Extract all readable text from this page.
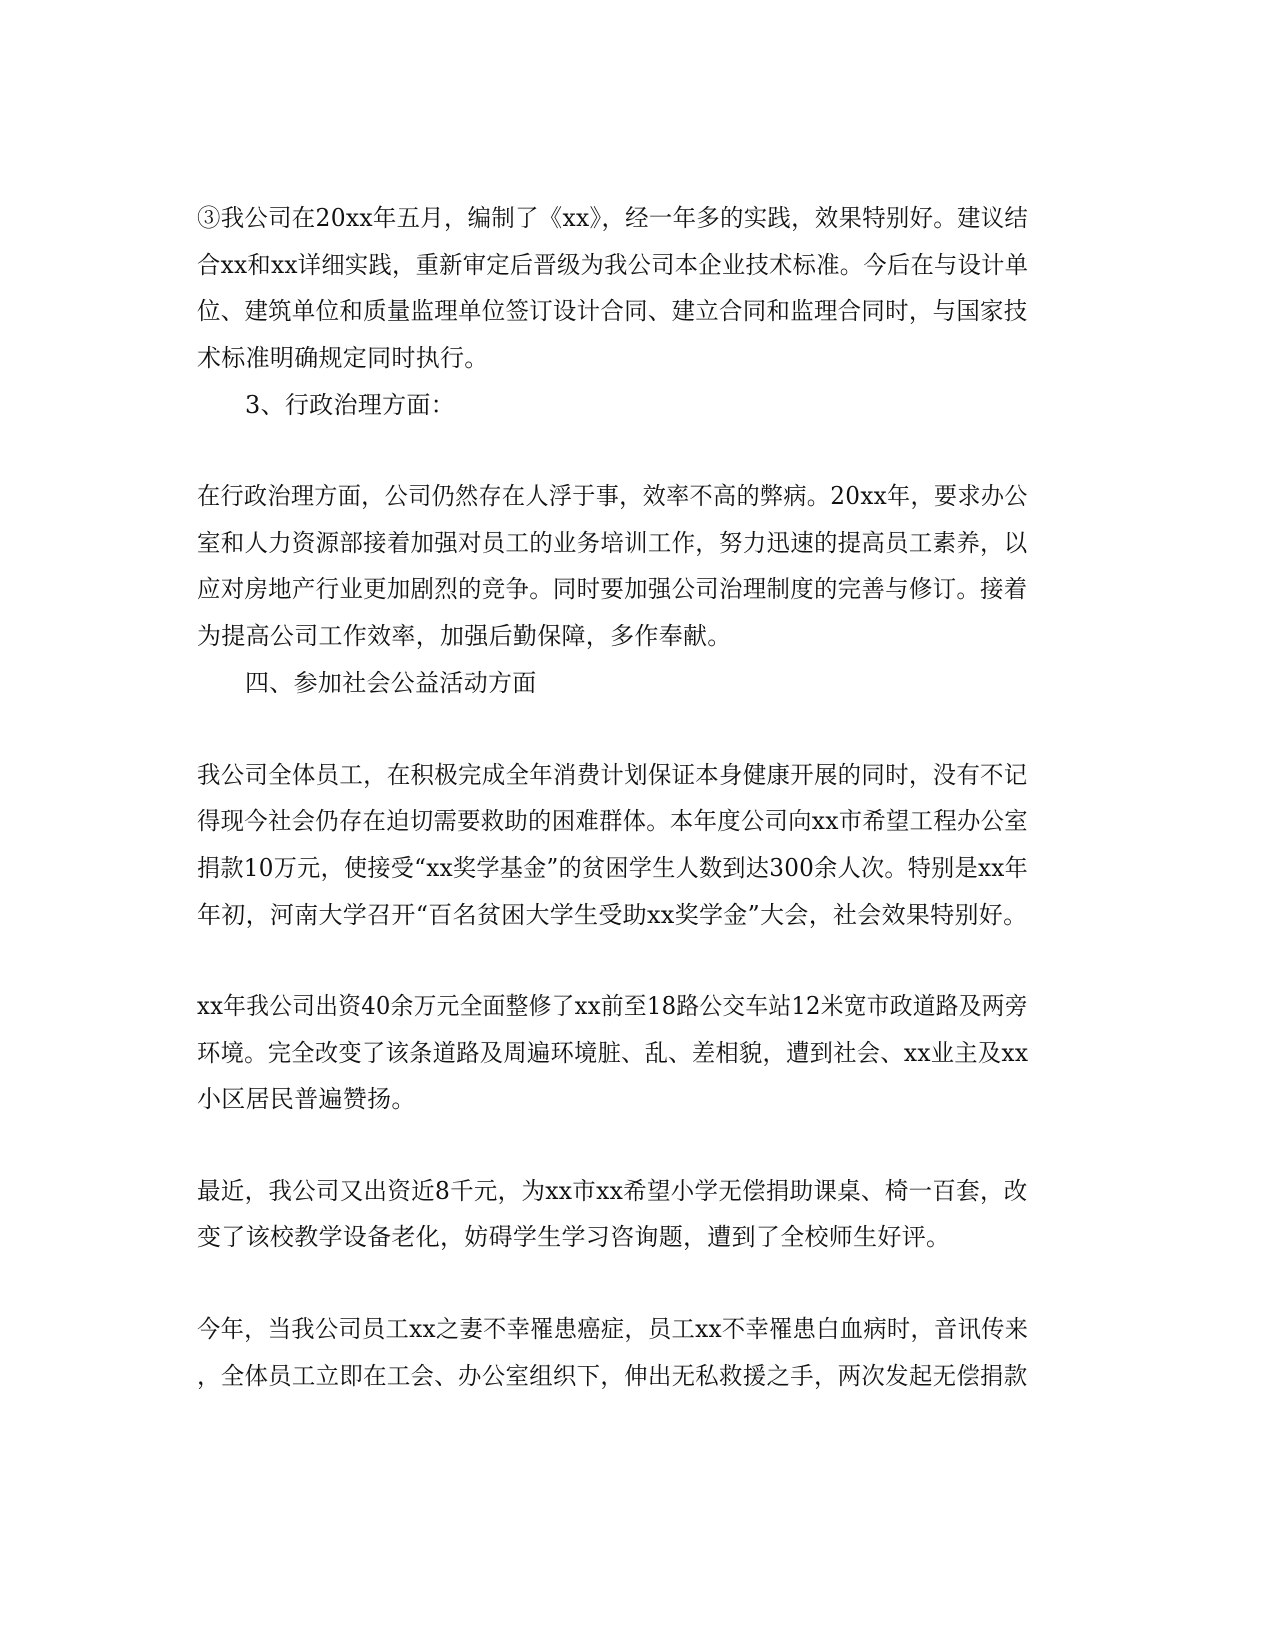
③我公司在20xx年五月，编制了《xx》，经一年多的实践，效果特别好。建议结
合xx和xx详细实践，重新审定后晋级为我公司本企业技术标准。今后在与设计单
位、建筑单位和质量监理单位签订设计合同、建立合同和监理合同时，与国家技
术标准明确规定同时执行。
3、行政治理方面：
在行政治理方面，公司仍然存在人浮于事，效率不高的弊病。20xx年，要求办公
室和人力资源部接着加强对员工的业务培训工作，努力迅速的提高员工素养，以
应对房地产行业更加剧烈的竞争。同时要加强公司治理制度的完善与修订。接着
为提高公司工作效率，加强后勤保障，多作奉献。
四、参加社会公益活动方面
我公司全体员工，在积极完成全年消费计划保证本身健康开展的同时，没有不记
得现今社会仍存在迫切需要救助的困难群体。本年度公司向xx市希望工程办公室
捐款10万元，使接受“xx奖学基金”的贫困学生人数到达300余人次。特别是xx年
年初，河南大学召开“百名贫困大学生受助xx奖学金”大会，社会效果特别好。
xx年我公司出资40余万元全面整修了xx前至18路公交车站12米宽市政道路及两旁
环境。完全改变了该条道路及周遍环境脏、乱、差相貌，遭到社会、xx业主及xx
小区居民普遍赞扬。
最近，我公司又出资近8千元，为xx市xx希望小学无偿捐助课桌、椅一百套，改
变了该校教学设备老化，妨碍学生学习咨询题，遭到了全校师生好评。
今年，当我公司员工xx之妻不幸罹患癌症，员工xx不幸罹患白血病时，音讯传来
，全体员工立即在工会、办公室组织下，伸出无私救援之手，两次发起无偿捐款
